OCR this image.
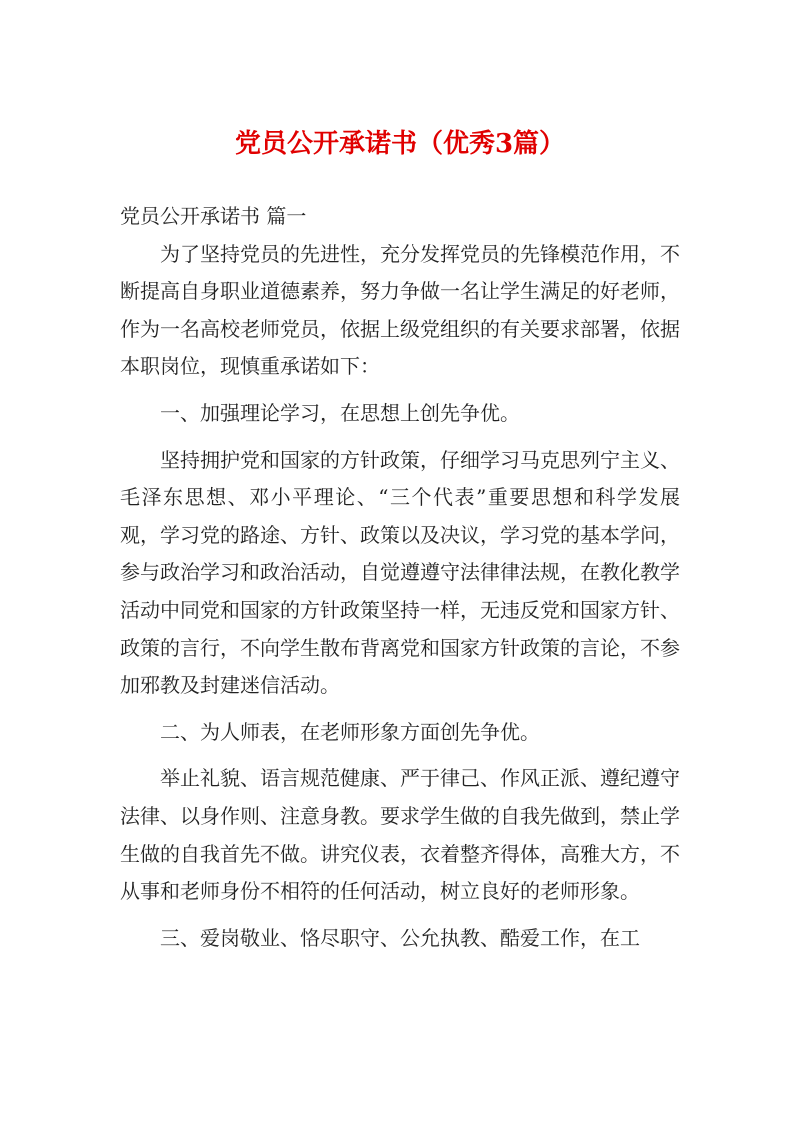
党员公开承诺书（优秀3篇）

党员公开承诺书 篇一

为了坚持党员的先进性，充分发挥党员的先锋模范作用，不断提高自身职业道德素养，努力争做一名让学生满足的好老师，作为一名高校老师党员，依据上级党组织的有关要求部署，依据本职岗位，现慎重承诺如下：

一、加强理论学习，在思想上创先争优。

坚持拥护党和国家的方针政策，仔细学习马克思列宁主义、毛泽东思想、邓小平理论、“三个代表”重要思想和科学发展观，学习党的路途、方针、政策以及决议，学习党的基本学问，参与政治学习和政治活动，自觉遵遵守法律律法规，在教化教学活动中同党和国家的方针政策坚持一样，无违反党和国家方针、政策的言行，不向学生散布背离党和国家方针政策的言论，不参加邪教及封建迷信活动。

二、为人师表，在老师形象方面创先争优。

举止礼貌、语言规范健康、严于律己、作风正派、遵纪遵守法律、以身作则、注意身教。要求学生做的自我先做到，禁止学生做的自我首先不做。讲究仪表，衣着整齐得体，高雅大方，不从事和老师身份不相符的任何活动，树立良好的老师形象。

三、爱岗敬业、恪尽职守、公允执教、酷爱工作，在工
